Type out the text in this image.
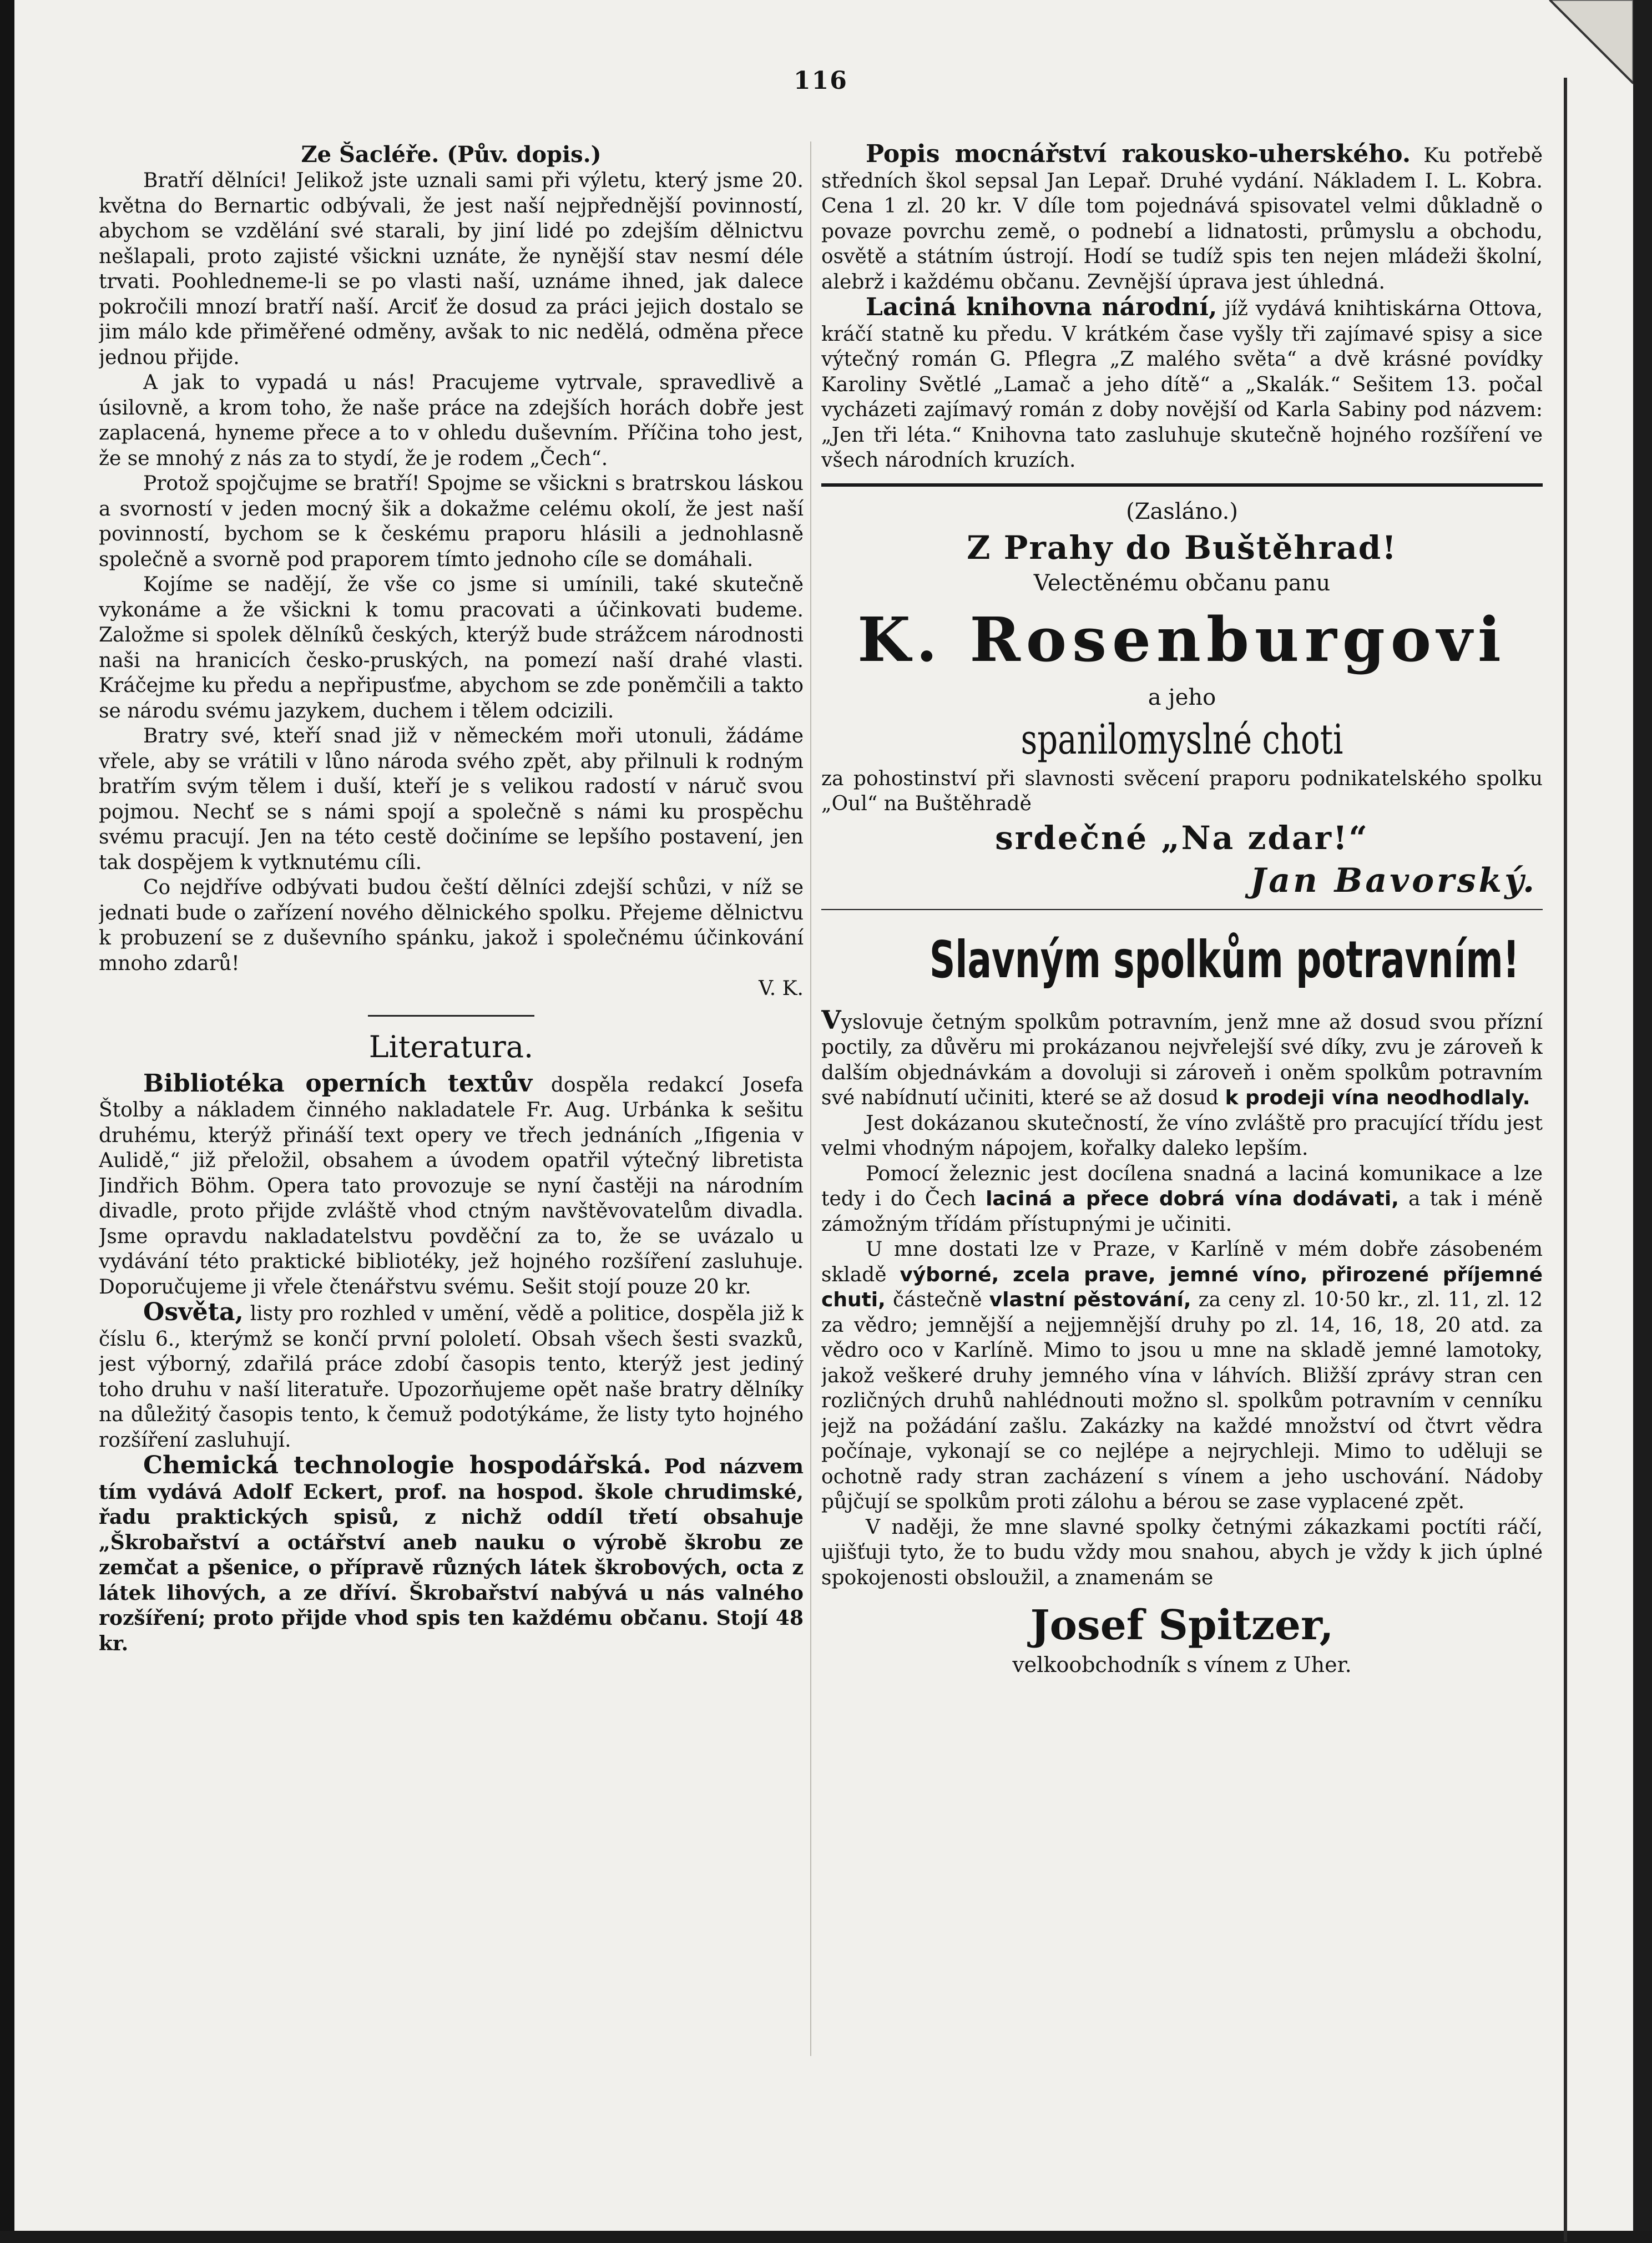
116

Ze Šacléře. (Pův. dopis.)

Bratří dělníci! Jelikož jste uznali sami při výletu, který jsme 20. května do Bernartic odbývali, že jest naší nejpřednější povinností, abychom se vzdělání své starali, by jiní lidé po zdejším dělnictvu nešlapali, proto zajisté všickni uznáte, že nynější stav nesmí déle trvati. Poohledneme-li se po vlasti naší, uznáme ihned, jak dalece pokročili mnozí bratří naší. Arciť že dosud za práci jejich dostalo se jim málo kde přiměřené odměny, avšak to nic nedělá, odměna přece jednou přijde.

A jak to vypadá u nás! Pracujeme vytrvale, spravedlivě a úsilovně, a krom toho, že naše práce na zdejších horách dobře jest zaplacená, hyneme přece a to v ohledu duševním. Příčina toho jest, že se mnohý z nás za to stydí, že je rodem „Čech“.

Protož spojčujme se bratří! Spojme se všickni s bratrskou láskou a svorností v jeden mocný šik a dokažme celému okolí, že jest naší povinností, bychom se k českému praporu hlásili a jednohlasně společně a svorně pod praporem tímto jednoho cíle se domáhali.

Kojíme se nadějí, že vše co jsme si umínili, také skutečně vykonáme a že všickni k tomu pracovati a účinkovati budeme. Založme si spolek dělníků českých, kterýž bude strážcem národnosti naši na hranicích česko-pruských, na pomezí naší drahé vlasti. Kráčejme ku předu a nepřipusťme, abychom se zde poněmčili a takto se národu svému jazykem, duchem i tělem odcizili.

Bratry své, kteří snad již v německém moři utonuli, žádáme vřele, aby se vrátili v lůno národa svého zpět, aby přilnuli k rodným bratřím svým tělem i duší, kteří je s velikou radostí v náruč svou pojmou. Nechť se s námi spojí a společně s námi ku prospěchu svému pracují. Jen na této cestě dočiníme se lepšího postavení, jen tak dospějem k vytknutému cíli.

Co nejdříve odbývati budou čeští dělníci zdejší schůzi, v níž se jednati bude o zařízení nového dělnického spolku. Přejeme dělnictvu k probuzení se z duševního spánku, jakož i společnému účinkování mnoho zdarů!

V. K.

Literatura.

Bibliotéka operních textův dospěla redakcí Josefa Štolby a nákladem činného nakladatele Fr. Aug. Urbánka k sešitu druhému, kterýž přináší text opery ve třech jednáních „Ifigenia v Aulidě,“ již přeložil, obsahem a úvodem opatřil výtečný libretista Jindřich Böhm. Opera tato provozuje se nyní častěji na národním divadle, proto přijde zvláště vhod ctným navštěvovatelům divadla. Jsme opravdu nakladatelstvu povděční za to, že se uvázalo u vydávání této praktické bibliotéky, jež hojného rozšíření zasluhuje. Doporučujeme ji vřele čtenářstvu svému. Sešit stojí pouze 20 kr.

Osvěta, listy pro rozhled v umění, vědě a politice, dospěla již k číslu 6., kterýmž se končí první pololetí. Obsah všech šesti svazků, jest výborný, zdařilá práce zdobí časopis tento, kterýž jest jediný toho druhu v naší literatuře. Upozorňujeme opět naše bratry dělníky na důležitý časopis tento, k čemuž podotýkáme, že listy tyto hojného rozšíření zasluhují.

Chemická technologie hospodářská. Pod názvem tím vydává Adolf Eckert, prof. na hospod. škole chrudimské, řadu praktických spisů, z nichž oddíl třetí obsahuje „Škrobařství a octářství aneb nauku o výrobě škrobu ze zemčat a pšenice, o přípravě různých látek škrobových, octa z látek lihových, a ze dříví. Škrobařství nabývá u nás valného rozšíření; proto přijde vhod spis ten každému občanu. Stojí 48 kr.

Popis mocnářství rakousko-uherského. Ku potřebě středních škol sepsal Jan Lepař. Druhé vydání. Nákladem I. L. Kobra. Cena 1 zl. 20 kr. V díle tom pojednává spisovatel velmi důkladně o povaze povrchu země, o podnebí a lidnatosti, průmyslu a obchodu, osvětě a státním ústrojí. Hodí se tudíž spis ten nejen mládeži školní, alebrž i každému občanu. Zevnější úprava jest úhledná.

Laciná knihovna národní, jíž vydává knihtiskárna Ottova, kráčí statně ku předu. V krátkém čase vyšly tři zajímavé spisy a sice výtečný román G. Pflegra „Z malého světa“ a dvě krásné povídky Karoliny Světlé „Lamač a jeho dítě“ a „Skalák.“ Sešitem 13. počal vycházeti zajímavý román z doby novější od Karla Sabiny pod názvem: „Jen tři léta.“ Knihovna tato zasluhuje skutečně hojného rozšíření ve všech národních kruzích.

(Zasláno.)

Z Prahy do Buštěhrad!

Velectěnému občanu panu

K. Rosenburgovi

a jeho

spanilomyslné choti

za pohostinství při slavnosti svěcení praporu podnikatelského spolku „Oul“ na Buštěhradě

srdečné „Na zdar!“

Jan Bavorský.

Slavným spolkům potravním!

Vyslovuje četným spolkům potravním, jenž mne až dosud svou přízní poctily, za důvěru mi prokázanou nejvřelejší své díky, zvu je zároveň k dalším objednávkám a dovoluji si zároveň i oněm spolkům potravním své nabídnutí učiniti, které se až dosud k prodeji vína neodhodlaly.

Jest dokázanou skutečností, že víno zvláště pro pracující třídu jest velmi vhodným nápojem, kořalky daleko lepším.

Pomocí železnic jest docílena snadná a laciná komunikace a lze tedy i do Čech laciná a přece dobrá vína dodávati, a tak i méně zámožným třídám přístupnými je učiniti.

U mne dostati lze v Praze, v Karlíně v mém dobře zásobeném skladě výborné, zcela prave, jemné víno, přirozené příjemné chuti, částečně vlastní pěstování, za ceny zl. 10·50 kr., zl. 11, zl. 12 za vědro; jemnější a nejjemnější druhy po zl. 14, 16, 18, 20 atd. za vědro oco v Karlíně. Mimo to jsou u mne na skladě jemné lamotoky, jakož veškeré druhy jemného vína v láhvích. Bližší zprávy stran cen rozličných druhů nahlédnouti možno sl. spolkům potravním v cenníku jejž na požádání zašlu. Zakázky na každé množství od čtvrt vědra počínaje, vykonají se co nejlépe a nejrychleji. Mimo to uděluji se ochotně rady stran zacházení s vínem a jeho uschování. Nádoby půjčují se spolkům proti zálohu a bérou se zase vyplacené zpět.

V naději, že mne slavné spolky četnými zákazkami poctíti ráčí, ujišťuji tyto, že to budu vždy mou snahou, abych je vždy k jich úplné spokojenosti obsloužil, a znamenám se

Josef Spitzer,

velkoobchodník s vínem z Uher.
